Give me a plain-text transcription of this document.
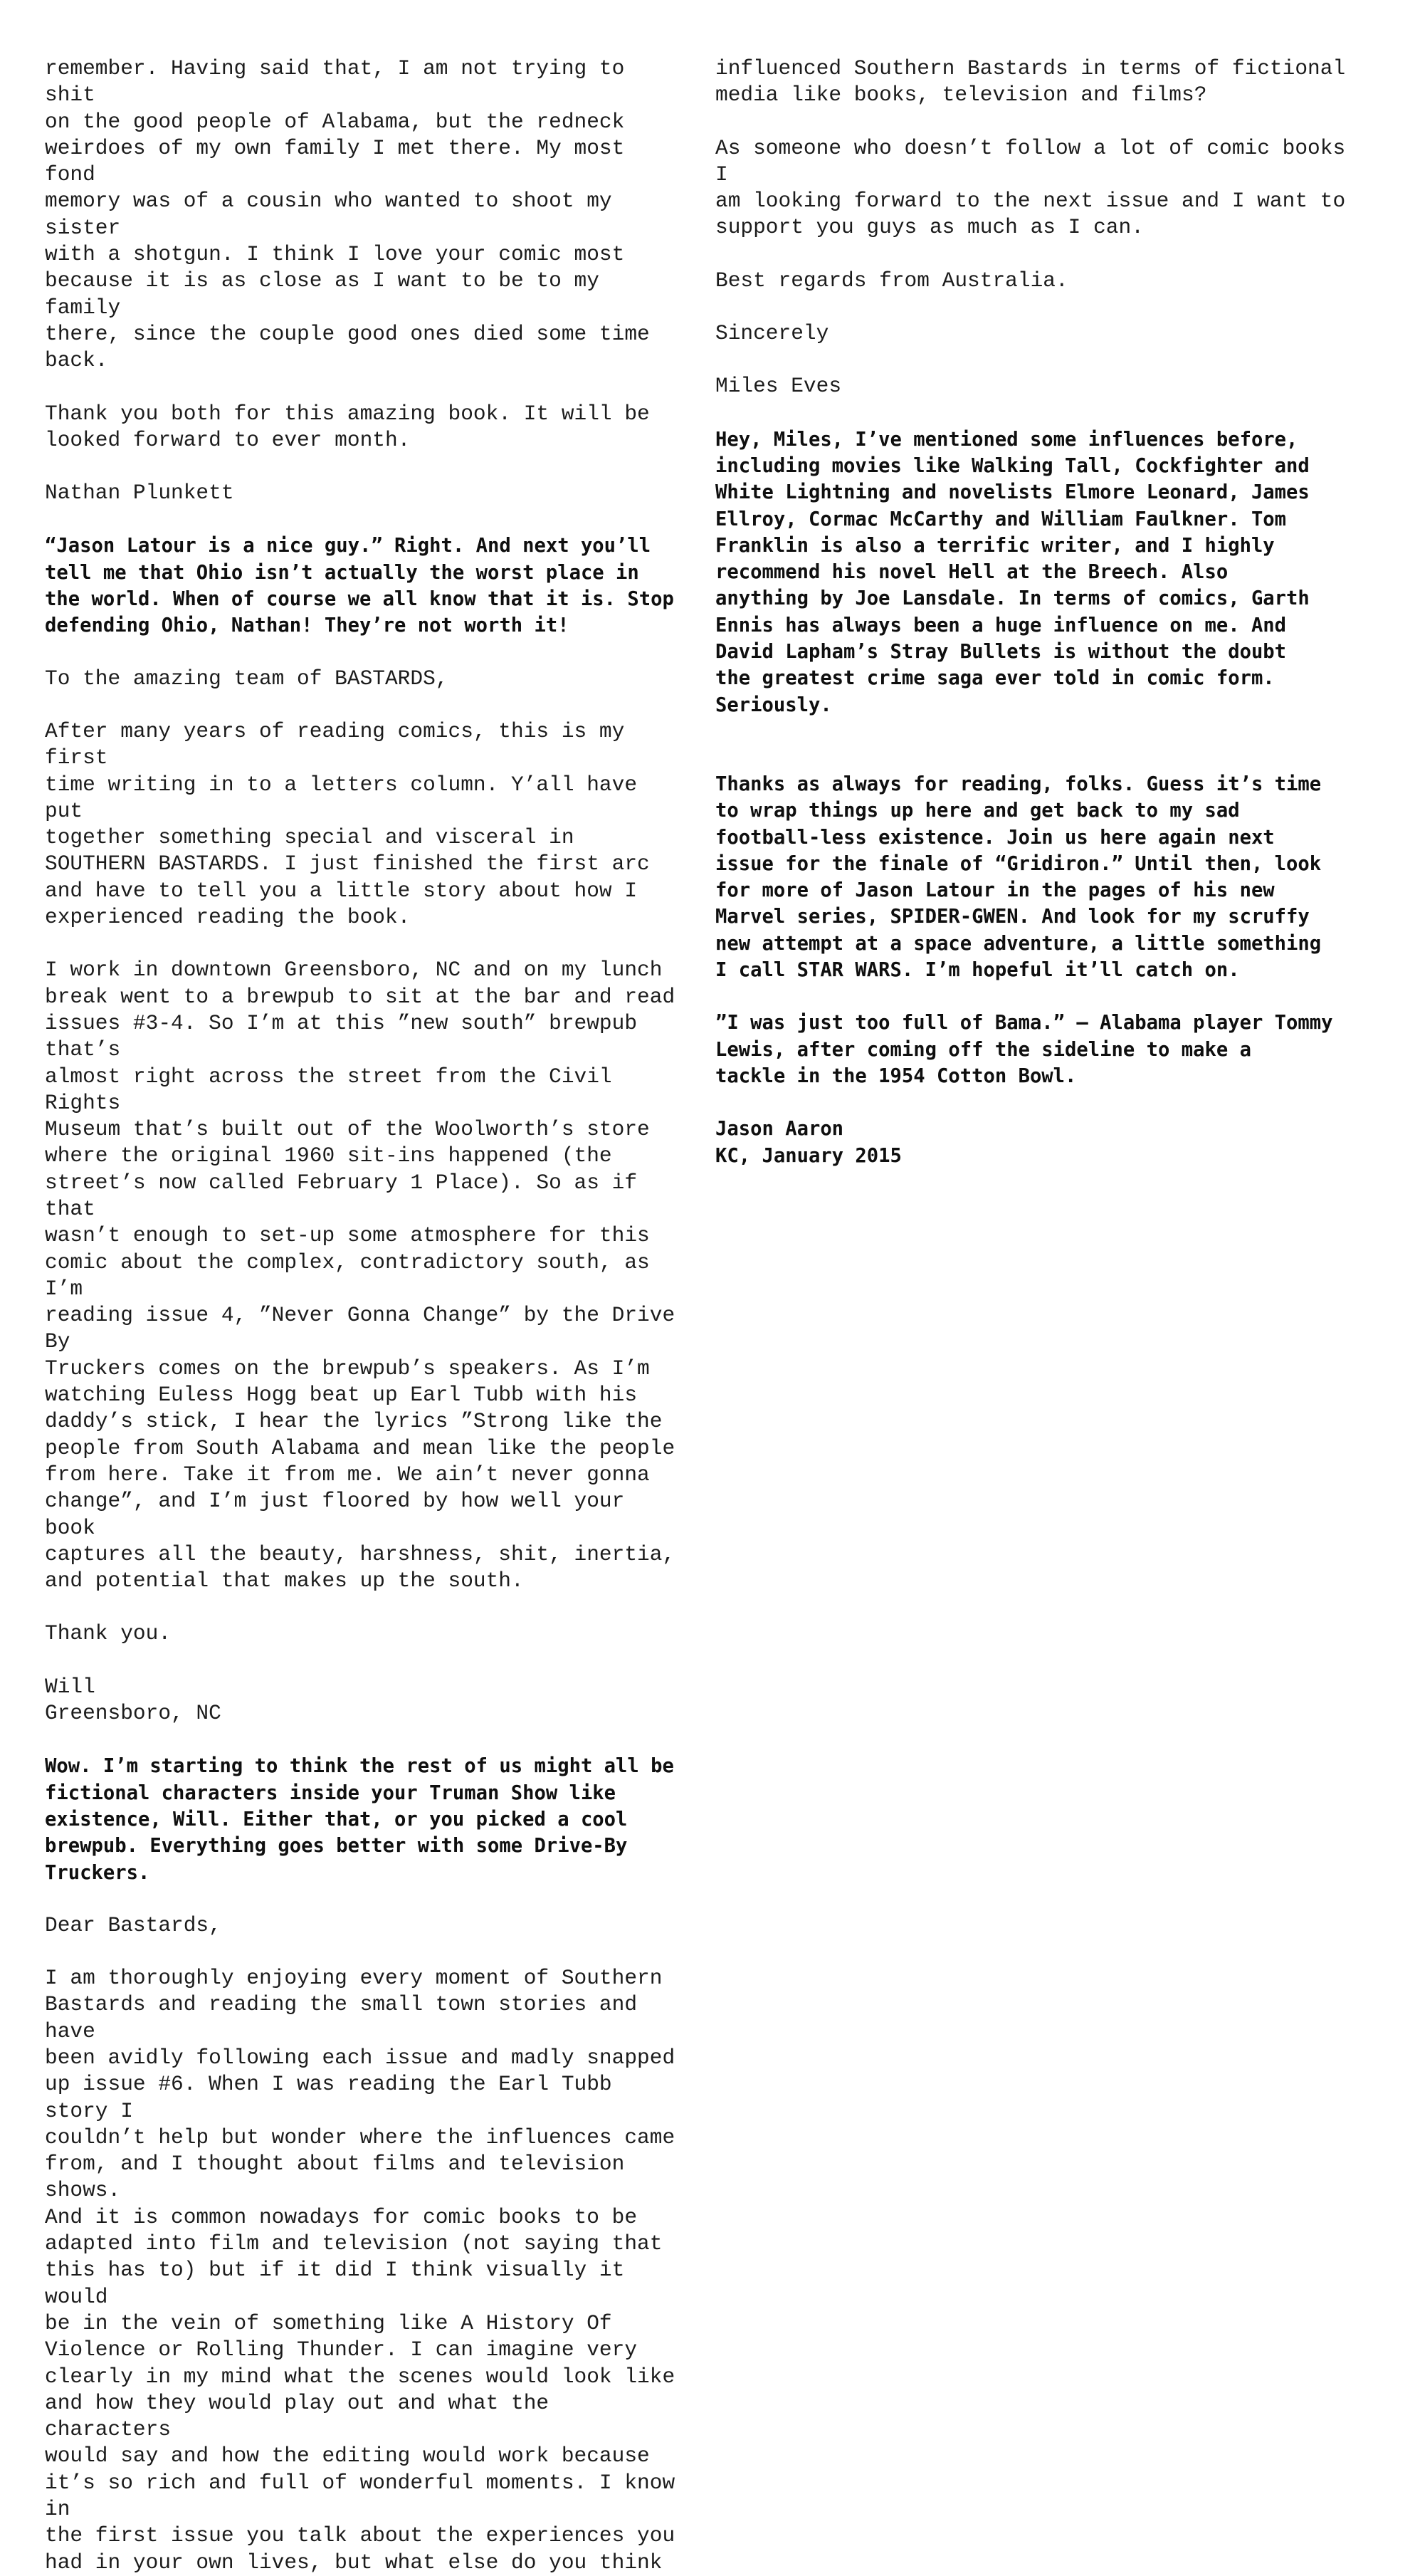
remember. Having said that, I am not trying to shit
on the good people of Alabama, but the redneck
weirdoes of my own family I met there. My most fond
memory was of a cousin who wanted to shoot my sister
with a shotgun. I think I love your comic most
because it is as close as I want to be to my family
there, since the couple good ones died some time
back.

Thank you both for this amazing book. It will be
looked forward to ever month.

Nathan Plunkett

“Jason Latour is a nice guy.” Right. And next you’ll
tell me that Ohio isn’t actually the worst place in
the world. When of course we all know that it is. Stop
defending Ohio, Nathan! They’re not worth it!

To the amazing team of BASTARDS,

After many years of reading comics, this is my first
time writing in to a letters column. Y’all have put
together something special and visceral in
SOUTHERN BASTARDS. I just finished the first arc
and have to tell you a little story about how I
experienced reading the book.

I work in downtown Greensboro, NC and on my lunch
break went to a brewpub to sit at the bar and read
issues #3-4. So I’m at this ”new south” brewpub that’s
almost right across the street from the Civil Rights
Museum that’s built out of the Woolworth’s store
where the original 1960 sit-ins happened (the
street’s now called February 1 Place). So as if that
wasn’t enough to set-up some atmosphere for this
comic about the complex, contradictory south, as I’m
reading issue 4, ”Never Gonna Change” by the Drive By
Truckers comes on the brewpub’s speakers. As I’m
watching Euless Hogg beat up Earl Tubb with his
daddy’s stick, I hear the lyrics ”Strong like the
people from South Alabama and mean like the people
from here. Take it from me. We ain’t never gonna
change”, and I’m just floored by how well your book
captures all the beauty, harshness, shit, inertia,
and potential that makes up the south.

Thank you.

Will
Greensboro, NC

Wow. I’m starting to think the rest of us might all be
fictional characters inside your Truman Show like
existence, Will. Either that, or you picked a cool
brewpub. Everything goes better with some Drive-By
Truckers.

Dear Bastards,

I am thoroughly enjoying every moment of Southern
Bastards and reading the small town stories and have
been avidly following each issue and madly snapped
up issue #6. When I was reading the Earl Tubb story I
couldn’t help but wonder where the influences came
from, and I thought about films and television shows.
And it is common nowadays for comic books to be
adapted into film and television (not saying that
this has to) but if it did I think visually it would
be in the vein of something like A History Of
Violence or Rolling Thunder. I can imagine very
clearly in my mind what the scenes would look like
and how they would play out and what the characters
would say and how the editing would work because
it’s so rich and full of wonderful moments. I know in
the first issue you talk about the experiences you
had in your own lives, but what else do you think

influenced Southern Bastards in terms of fictional
media like books, television and films?

As someone who doesn’t follow a lot of comic books I
am looking forward to the next issue and I want to
support you guys as much as I can.

Best regards from Australia.

Sincerely

Miles Eves

Hey, Miles, I’ve mentioned some influences before,
including movies like Walking Tall, Cockfighter and
White Lightning and novelists Elmore Leonard, James
Ellroy, Cormac McCarthy and William Faulkner. Tom
Franklin is also a terrific writer, and I highly
recommend his novel Hell at the Breech. Also
anything by Joe Lansdale. In terms of comics, Garth
Ennis has always been a huge influence on me. And
David Lapham’s Stray Bullets is without the doubt
the greatest crime saga ever told in comic form.
Seriously.

Thanks as always for reading, folks. Guess it’s time
to wrap things up here and get back to my sad
football-less existence. Join us here again next
issue for the finale of “Gridiron.” Until then, look
for more of Jason Latour in the pages of his new
Marvel series, SPIDER-GWEN. And look for my scruffy
new attempt at a space adventure, a little something
I call STAR WARS. I’m hopeful it’ll catch on.

”I was just too full of Bama.” — Alabama player Tommy
Lewis, after coming off the sideline to make a
tackle in the 1954 Cotton Bowl.

Jason Aaron
KC, January 2015
